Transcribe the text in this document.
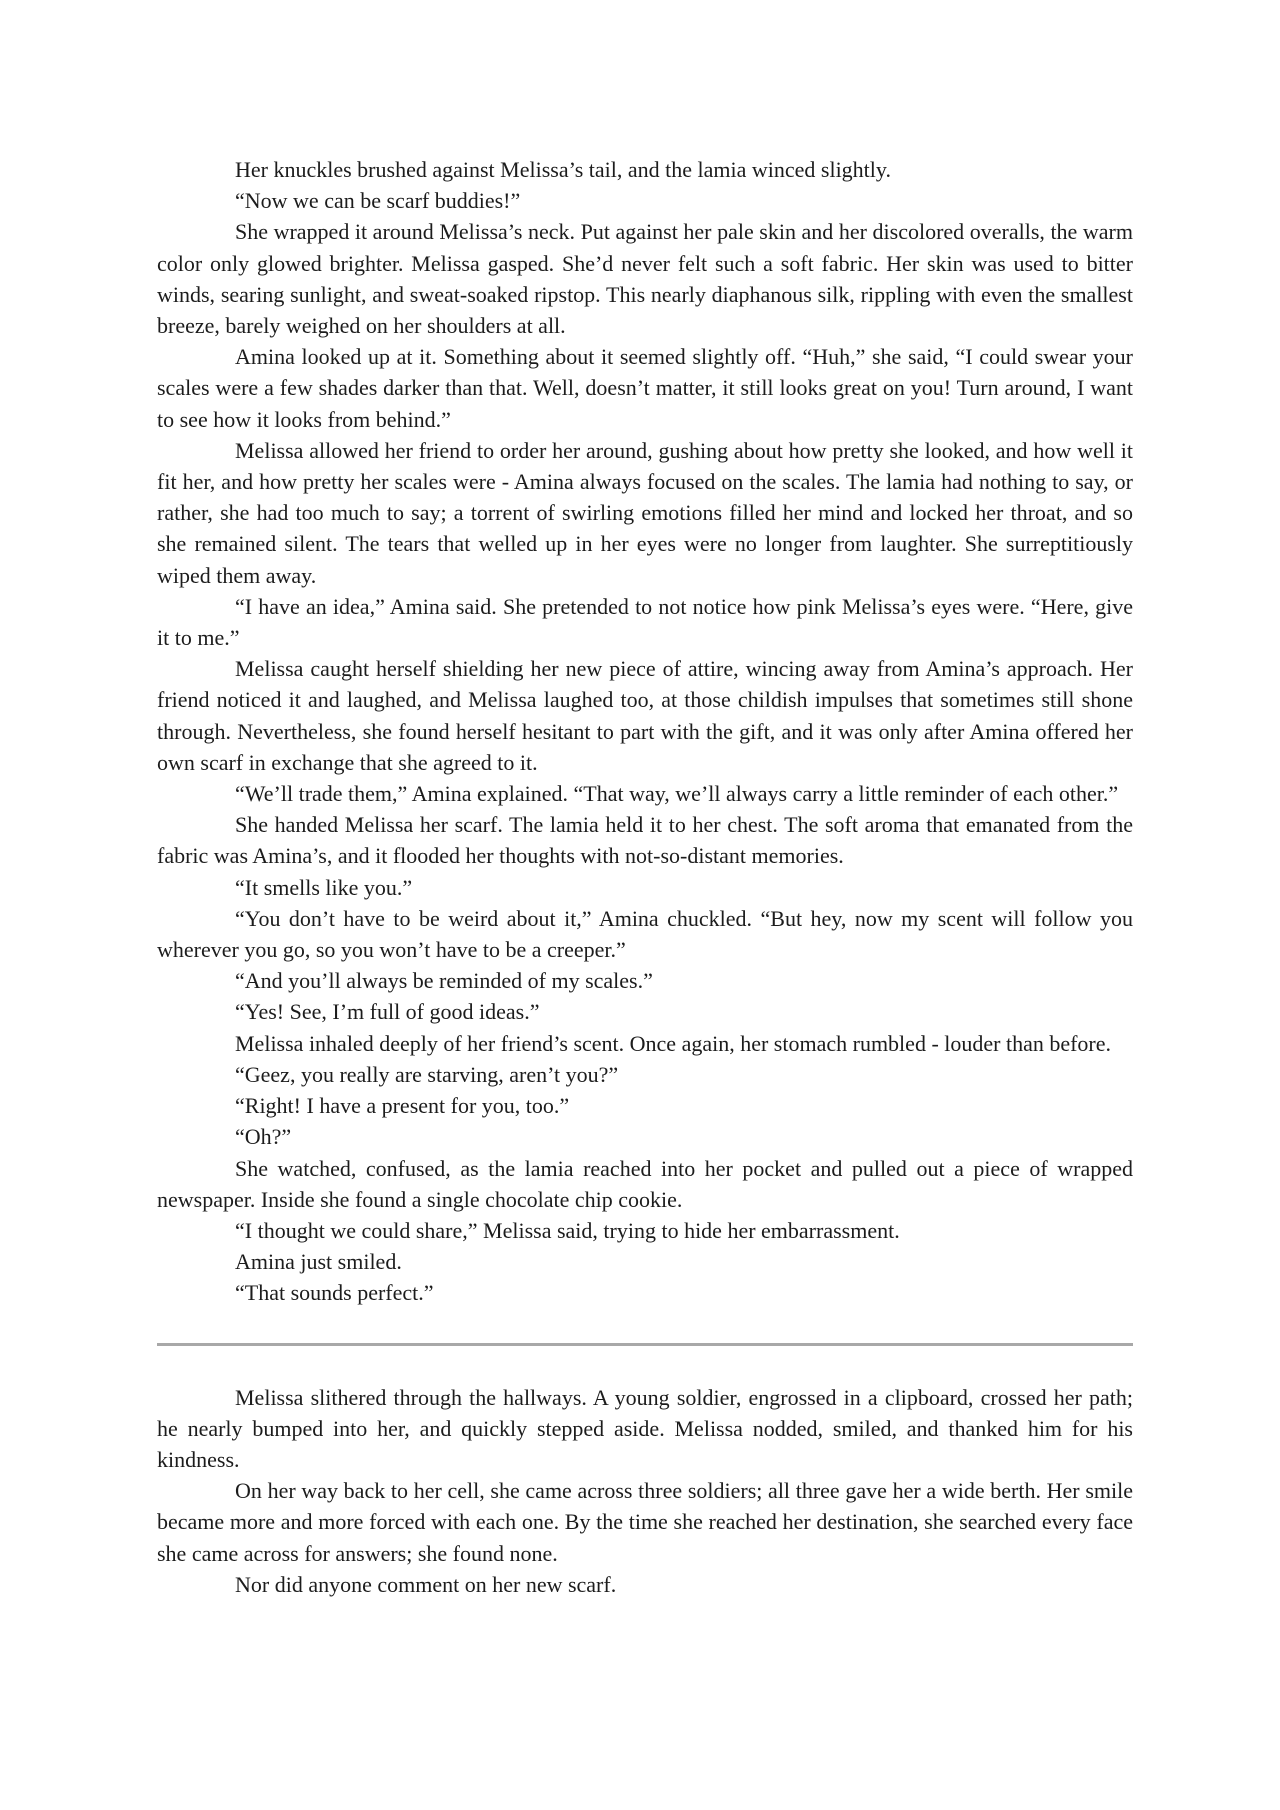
Her knuckles brushed against Melissa’s tail, and the lamia winced slightly.

“Now we can be scarf buddies!”

She wrapped it around Melissa’s neck. Put against her pale skin and her discolored overalls, the warm color only glowed brighter. Melissa gasped. She’d never felt such a soft fabric. Her skin was used to bitter winds, searing sunlight, and sweat-soaked ripstop. This nearly diaphanous silk, rippling with even the smallest breeze, barely weighed on her shoulders at all.

Amina looked up at it. Something about it seemed slightly off. “Huh,” she said, “I could swear your scales were a few shades darker than that. Well, doesn’t matter, it still looks great on you! Turn around, I want to see how it looks from behind.”

Melissa allowed her friend to order her around, gushing about how pretty she looked, and how well it fit her, and how pretty her scales were - Amina always focused on the scales. The lamia had nothing to say, or rather, she had too much to say; a torrent of swirling emotions filled her mind and locked her throat, and so she remained silent. The tears that welled up in her eyes were no longer from laughter. She surreptitiously wiped them away.

“I have an idea,” Amina said. She pretended to not notice how pink Melissa’s eyes were. “Here, give it to me.”

Melissa caught herself shielding her new piece of attire, wincing away from Amina’s approach. Her friend noticed it and laughed, and Melissa laughed too, at those childish impulses that sometimes still shone through. Nevertheless, she found herself hesitant to part with the gift, and it was only after Amina offered her own scarf in exchange that she agreed to it.

“We’ll trade them,” Amina explained. “That way, we’ll always carry a little reminder of each other.”

She handed Melissa her scarf. The lamia held it to her chest. The soft aroma that emanated from the fabric was Amina’s, and it flooded her thoughts with not-so-distant memories.

“It smells like you.”

“You don’t have to be weird about it,” Amina chuckled. “But hey, now my scent will follow you wherever you go, so you won’t have to be a creeper.”

“And you’ll always be reminded of my scales.”

“Yes! See, I’m full of good ideas.”

Melissa inhaled deeply of her friend’s scent. Once again, her stomach rumbled - louder than before.

“Geez, you really are starving, aren’t you?”

“Right! I have a present for you, too.”

“Oh?”

She watched, confused, as the lamia reached into her pocket and pulled out a piece of wrapped newspaper. Inside she found a single chocolate chip cookie.

“I thought we could share,” Melissa said, trying to hide her embarrassment.

Amina just smiled.

“That sounds perfect.”

Melissa slithered through the hallways. A young soldier, engrossed in a clipboard, crossed her path; he nearly bumped into her, and quickly stepped aside. Melissa nodded, smiled, and thanked him for his kindness.

On her way back to her cell, she came across three soldiers; all three gave her a wide berth. Her smile became more and more forced with each one. By the time she reached her destination, she searched every face she came across for answers; she found none.

Nor did anyone comment on her new scarf.
